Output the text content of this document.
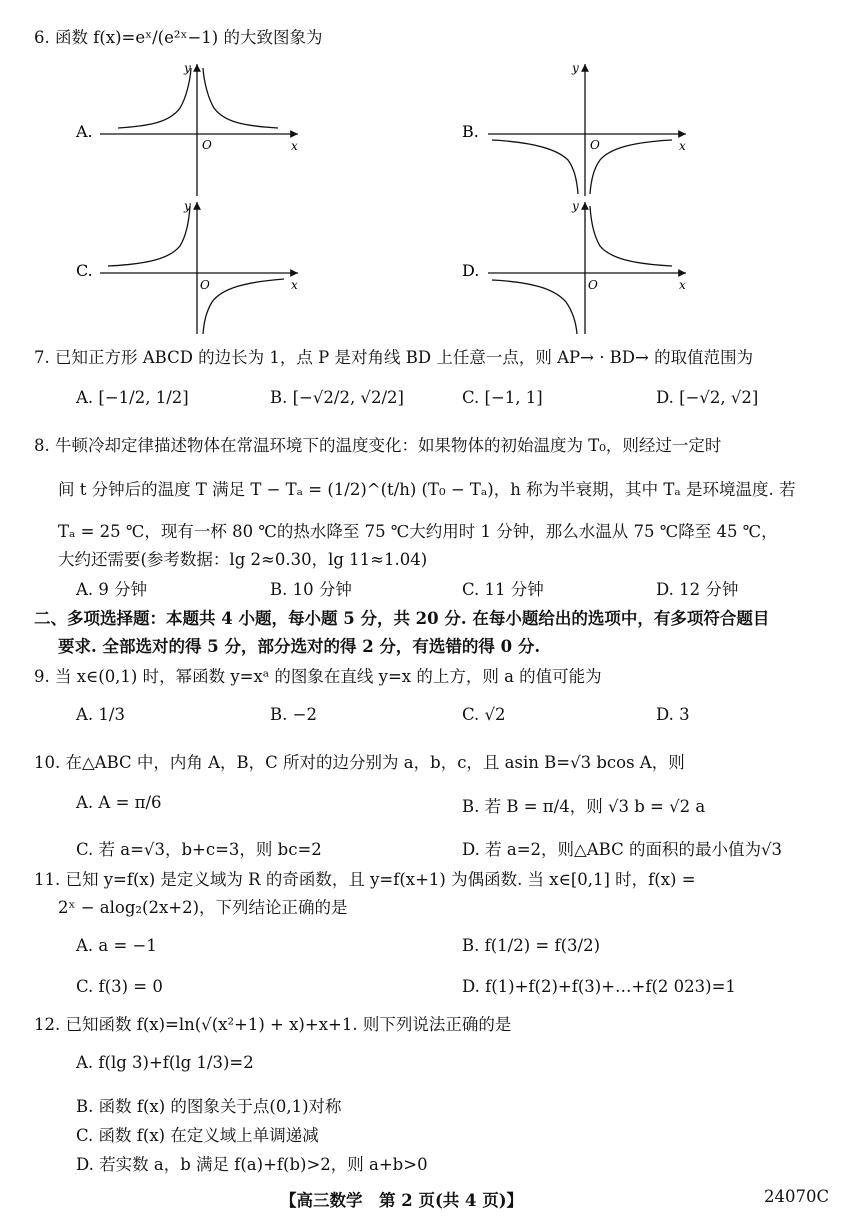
6. 函数 f(x)=eˣ/(e²ˣ−1) 的大致图象为
A.
y
x
O
B.
y
x
O
C.
y
x
O
D.
y
x
O
7. 已知正方形 ABCD 的边长为 1，点 P 是对角线 BD 上任意一点，则 AP→ · BD→ 的取值范围为
A. [−1/2, 1/2]	B. [−√2/2, √2/2]	C. [−1, 1]	D. [−√2, √2]
8. 牛顿冷却定律描述物体在常温环境下的温度变化：如果物体的初始温度为 T₀，则经过一定时
间 t 分钟后的温度 T 满足 T − Tₐ = (1/2)^(t/h) (T₀ − Tₐ)，h 称为半衰期，其中 Tₐ 是环境温度. 若
Tₐ = 25 ℃，现有一杯 80 ℃的热水降至 75 ℃大约用时 1 分钟，那么水温从 75 ℃降至 45 ℃，
大约还需要(参考数据：lg 2≈0.30，lg 11≈1.04)
A. 9 分钟	B. 10 分钟	C. 11 分钟	D. 12 分钟
二、多项选择题：本题共 4 小题，每小题 5 分，共 20 分. 在每小题给出的选项中，有多项符合题目
要求. 全部选对的得 5 分，部分选对的得 2 分，有选错的得 0 分.
9. 当 x∈(0,1) 时，幂函数 y=xᵃ 的图象在直线 y=x 的上方，则 a 的值可能为
A. 1/3	B. −2	C. √2	D. 3
10. 在△ABC 中，内角 A，B，C 所对的边分别为 a，b，c，且 asin B=√3 bcos A，则
A. A = π/6	B. 若 B = π/4，则 √3 b = √2 a
C. 若 a=√3，b+c=3，则 bc=2	D. 若 a=2，则△ABC 的面积的最小值为√3
11. 已知 y=f(x) 是定义域为 R 的奇函数，且 y=f(x+1) 为偶函数. 当 x∈[0,1] 时，f(x) =
2ˣ − alog₂(2x+2)，下列结论正确的是
A. a = −1	B. f(1/2) = f(3/2)
C. f(3) = 0	D. f(1)+f(2)+f(3)+…+f(2 023)=1
12. 已知函数 f(x)=ln(√(x²+1) + x)+x+1. 则下列说法正确的是
A. f(lg 3)+f(lg 1/3)=2
B. 函数 f(x) 的图象关于点(0,1)对称
C. 函数 f(x) 在定义域上单调递减
D. 若实数 a，b 满足 f(a)+f(b)>2，则 a+b>0
【高三数学　第 2 页(共 4 页)】	24070C
